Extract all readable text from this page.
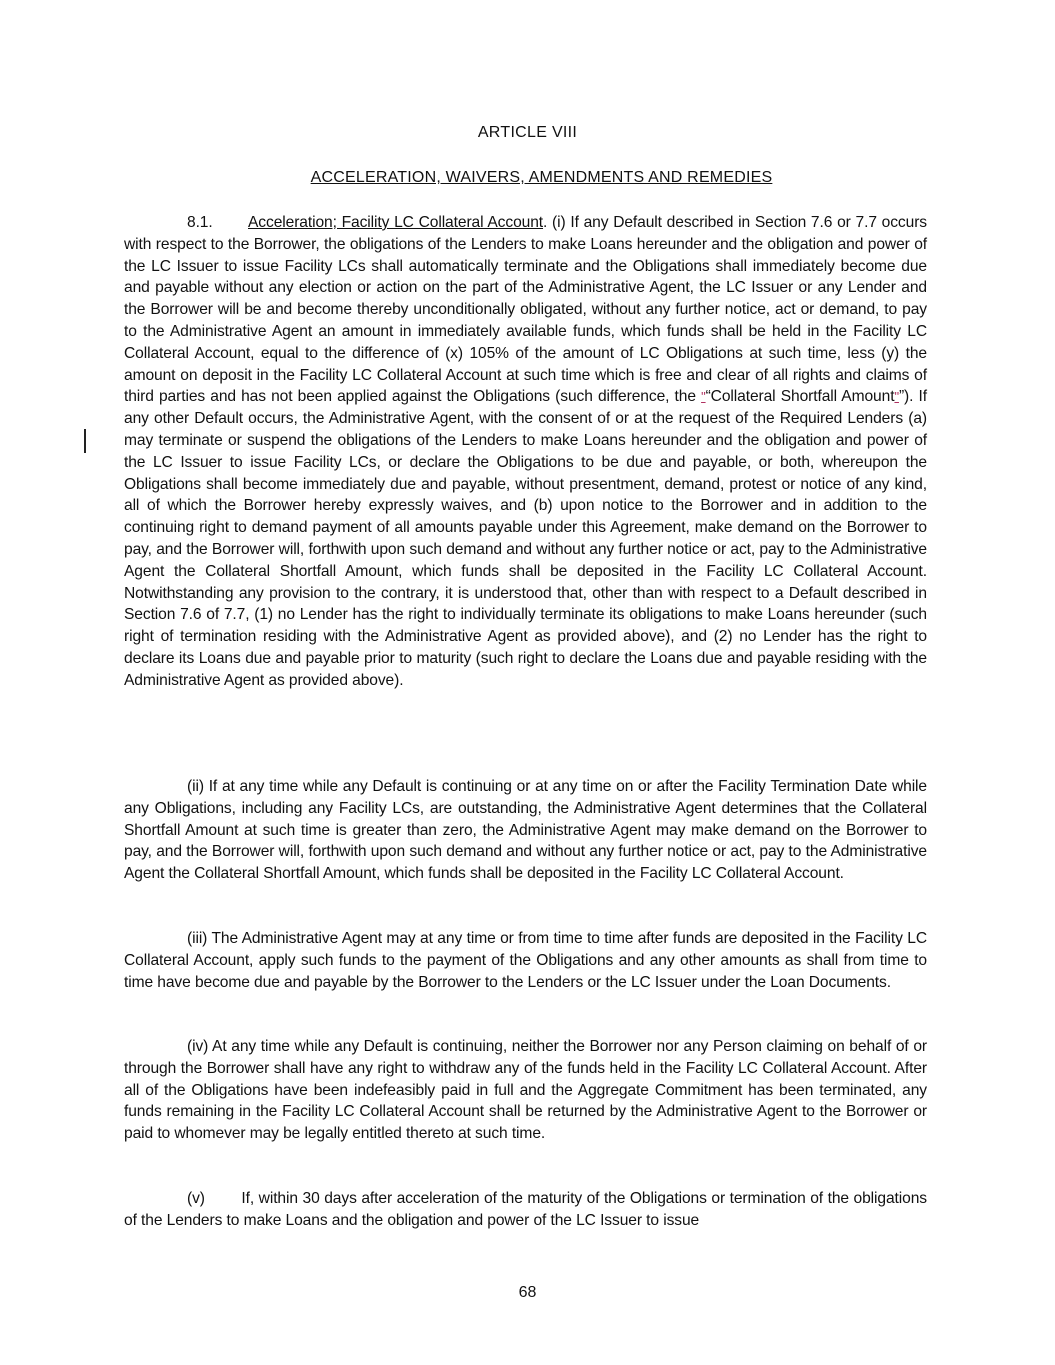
ARTICLE VIII
ACCELERATION, WAIVERS, AMENDMENTS AND REMEDIES
8.1. Acceleration; Facility LC Collateral Account. (i) If any Default described in Section 7.6 or 7.7 occurs with respect to the Borrower, the obligations of the Lenders to make Loans hereunder and the obligation and power of the LC Issuer to issue Facility LCs shall automatically terminate and the Obligations shall immediately become due and payable without any election or action on the part of the Administrative Agent, the LC Issuer or any Lender and the Borrower will be and become thereby unconditionally obligated, without any further notice, act or demand, to pay to the Administrative Agent an amount in immediately available funds, which funds shall be held in the Facility LC Collateral Account, equal to the difference of (x) 105% of the amount of LC Obligations at such time, less (y) the amount on deposit in the Facility LC Collateral Account at such time which is free and clear of all rights and claims of third parties and has not been applied against the Obligations (such difference, the "“Collateral Shortfall Amount"”). If any other Default occurs, the Administrative Agent, with the consent of or at the request of the Required Lenders (a) may terminate or suspend the obligations of the Lenders to make Loans hereunder and the obligation and power of the LC Issuer to issue Facility LCs, or declare the Obligations to be due and payable, or both, whereupon the Obligations shall become immediately due and payable, without presentment, demand, protest or notice of any kind, all of which the Borrower hereby expressly waives, and (b) upon notice to the Borrower and in addition to the continuing right to demand payment of all amounts payable under this Agreement, make demand on the Borrower to pay, and the Borrower will, forthwith upon such demand and without any further notice or act, pay to the Administrative Agent the Collateral Shortfall Amount, which funds shall be deposited in the Facility LC Collateral Account. Notwithstanding any provision to the contrary, it is understood that, other than with respect to a Default described in Section 7.6 of 7.7, (1) no Lender has the right to individually terminate its obligations to make Loans hereunder (such right of termination residing with the Administrative Agent as provided above), and (2) no Lender has the right to declare its Loans due and payable prior to maturity (such right to declare the Loans due and payable residing with the Administrative Agent as provided above).
(ii) If at any time while any Default is continuing or at any time on or after the Facility Termination Date while any Obligations, including any Facility LCs, are outstanding, the Administrative Agent determines that the Collateral Shortfall Amount at such time is greater than zero, the Administrative Agent may make demand on the Borrower to pay, and the Borrower will, forthwith upon such demand and without any further notice or act, pay to the Administrative Agent the Collateral Shortfall Amount, which funds shall be deposited in the Facility LC Collateral Account.
(iii) The Administrative Agent may at any time or from time to time after funds are deposited in the Facility LC Collateral Account, apply such funds to the payment of the Obligations and any other amounts as shall from time to time have become due and payable by the Borrower to the Lenders or the LC Issuer under the Loan Documents.
(iv) At any time while any Default is continuing, neither the Borrower nor any Person claiming on behalf of or through the Borrower shall have any right to withdraw any of the funds held in the Facility LC Collateral Account. After all of the Obligations have been indefeasibly paid in full and the Aggregate Commitment has been terminated, any funds remaining in the Facility LC Collateral Account shall be returned by the Administrative Agent to the Borrower or paid to whomever may be legally entitled thereto at such time.
(v)        If, within 30 days after acceleration of the maturity of the Obligations or termination of the obligations of the Lenders to make Loans and the obligation and power of the LC Issuer to issue
68
